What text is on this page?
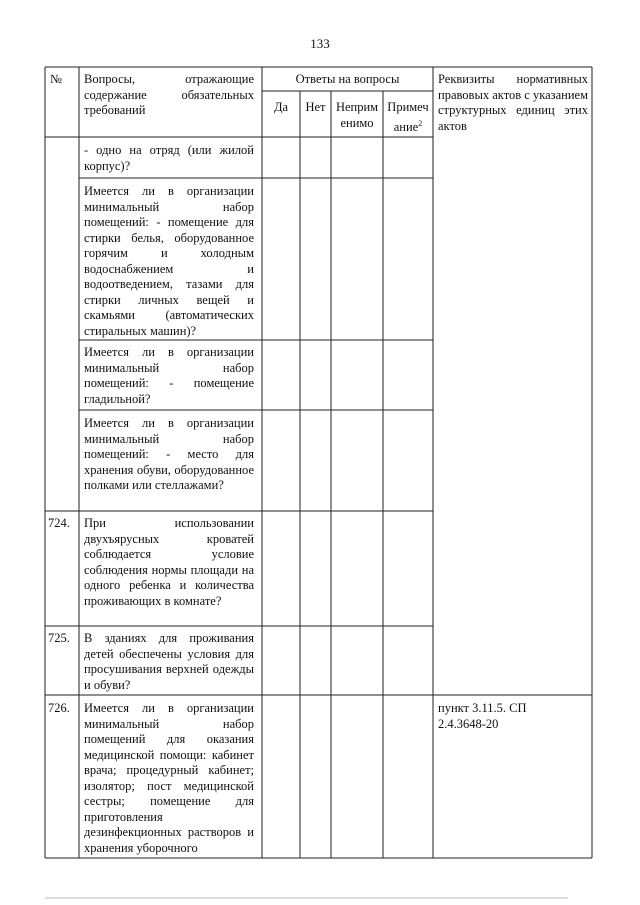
133
№ Вопросы, отражающие содержание обязательных требований
Ответы на вопросы
Да	Нет Неприм
енимо
Примеч
ание$^2$
Реквизиты нормативных правовых актов с указанием структурных единиц этих актов
- одно на отряд (или жилой корпус)?
Имеется ли в организации минимальный набор помещений: - помещение для стирки белья, оборудованное горячим и холодным водоснабжением и водоотведением, тазами для стирки личных вещей и скамьями (автоматических стиральных машин)?
Имеется ли в организации минимальный набор помещений: - помещение гладильной?
Имеется ли в организации минимальный набор помещений: - место для хранения обуви, оборудованное полками или стеллажами?
724. При использовании двухъярусных кроватей соблюдается условие соблюдения нормы площади на одного ребенка и количества проживающих в комнате?
725. В зданиях для проживания детей обеспечены условия для просушивания верхней одежды и обуви?
726. Имеется ли в организации минимальный набор помещений для оказания медицинской помощи: кабинет врача; процедурный кабинет; изолятор; пост медицинской сестры; помещение для приготовления дезинфекционных растворов и хранения уборочного
пункт 3.11.5. СП 2.4.3648-20
